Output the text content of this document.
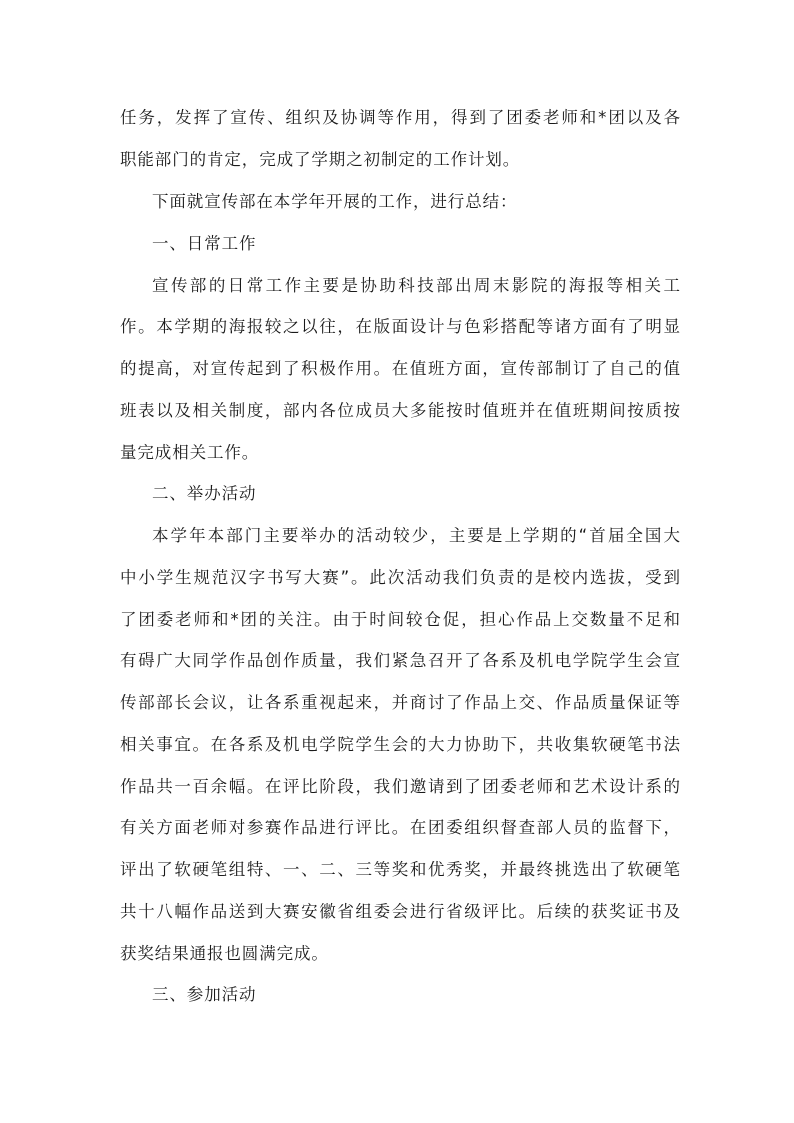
任务，发挥了宣传、组织及协调等作用，得到了团委老师和*团以及各
职能部门的肯定，完成了学期之初制定的工作计划。
下面就宣传部在本学年开展的工作，进行总结：
一、日常工作
宣传部的日常工作主要是协助科技部出周末影院的海报等相关工
作。本学期的海报较之以往，在版面设计与色彩搭配等诸方面有了明显
的提高，对宣传起到了积极作用。在值班方面，宣传部制订了自己的值
班表以及相关制度，部内各位成员大多能按时值班并在值班期间按质按
量完成相关工作。
二、举办活动
本学年本部门主要举办的活动较少，主要是上学期的“首届全国大
中小学生规范汉字书写大赛”。此次活动我们负责的是校内选拔，受到
了团委老师和*团的关注。由于时间较仓促，担心作品上交数量不足和
有碍广大同学作品创作质量，我们紧急召开了各系及机电学院学生会宣
传部部长会议，让各系重视起来，并商讨了作品上交、作品质量保证等
相关事宜。在各系及机电学院学生会的大力协助下，共收集软硬笔书法
作品共一百余幅。在评比阶段，我们邀请到了团委老师和艺术设计系的
有关方面老师对参赛作品进行评比。在团委组织督查部人员的监督下，
评出了软硬笔组特、一、二、三等奖和优秀奖，并最终挑选出了软硬笔
共十八幅作品送到大赛安徽省组委会进行省级评比。后续的获奖证书及
获奖结果通报也圆满完成。
三、参加活动
